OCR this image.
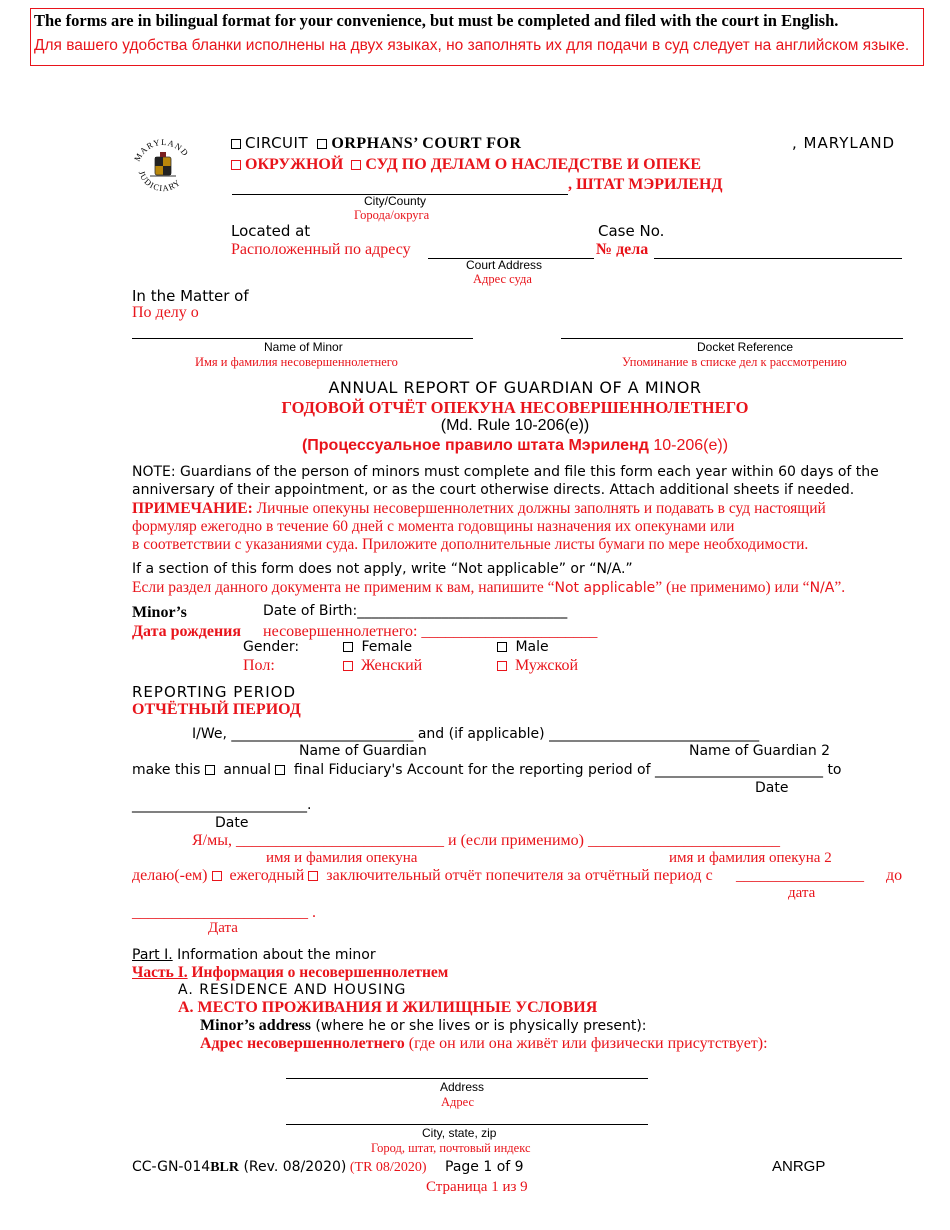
The forms are in bilingual format for your convenience, but must be completed and filed with the court in English.
Для вашего удобства бланки исполнены на двух языках, но заполнять их для подачи в суд следует на английском языке.
MARYLAND
JUDICIARY
CIRCUIT ORPHANS’ COURT FOR	, MARYLAND
ОКРУЖНОЙ СУД ПО ДЕЛАМ О НАСЛЕДСТВЕ И ОПЕКЕ
, ШТАТ МЭРИЛЕНД
City/County
Города/округа
Located at	Case No.
Расположенный по адресу	№ дела
Court Address
Адрес суда
In the Matter of
По делу о
Name of Minor
Имя и фамилия несовершеннолетнего
Docket Reference
Упоминание в списке дел к рассмотрению
ANNUAL REPORT OF GUARDIAN OF A MINOR
ГОДОВОЙ ОТЧЁТ ОПЕКУНА НЕСОВЕРШЕННОЛЕТНЕГО
(Md. Rule 10-206(e))
(Процессуальное правило штата Мэриленд 10-206(e))
NOTE: Guardians of the person of minors must complete and file this form each year within 60 days of the
anniversary of their appointment, or as the court otherwise directs. Attach additional sheets if needed.
ПРИМЕЧАНИЕ: Личные опекуны несовершеннолетних должны заполнять и подавать в суд настоящий
формуляр ежегодно в течение 60 дней с момента годовщины назначения их опекунами или
в соответствии с указаниями суда. Приложите дополнительные листы бумаги по мере необходимости.
If a section of this form does not apply, write “Not applicable” or “N/A.”
Если раздел данного документа не применим к вам, напишите “Not applicable” (не применимо) или “N/A”.
Minor’s	Date of Birth:______________________________
Дата рождения несовершеннолетнего: ______________________
Gender:	Female	Male
Пол:	Женский	Мужской
REPORTING PERIOD
ОТЧЁТНЫЙ ПЕРИОД
I/We, __________________________ and (if applicable) ______________________________
Name of Guardian	Name of Guardian 2
make this annual final Fiduciary's Account for the reporting period of ________________________ to
Date
_________________________.
Date
Я/мы, __________________________ и (если применимо) ________________________
имя и фамилия опекуна	имя и фамилия опекуна 2
делаю(-ем) ежегодный заключительный отчёт попечителя за отчётный период с ________________ до
дата
______________________ .
Дата
Part I. Information about the minor
Часть I. Информация о несовершеннолетнем
A. RESIDENCE AND HOUSING
A. МЕСТО ПРОЖИВАНИЯ И ЖИЛИЩНЫЕ УСЛОВИЯ
Minor’s address (where he or she lives or is physically present):
Адрес несовершеннолетнего (где он или она живёт или физически присутствует):
Address
Адрес
City, state, zip
Город, штат, почтовый индекс
CC-GN-014BLR (Rev. 08/2020) (TR 08/2020) Page 1 of 9
Страница 1 из 9
ANRGP
